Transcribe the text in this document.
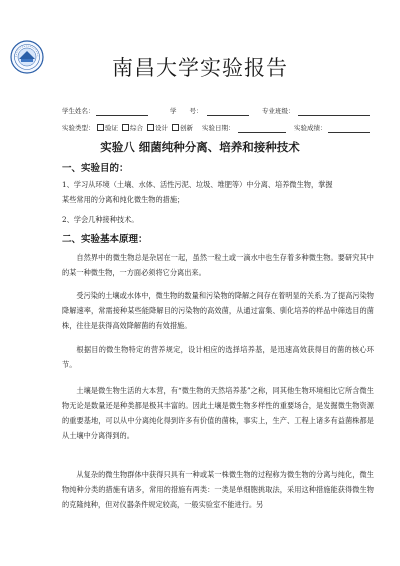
南昌大学实验报告
学生姓名：	学　　号：	专业班级：
实验类型：	验证	综合	设计	创新 实验日期：	实验成绩：
实验八 细菌纯种分离、培养和接种技术
一、实验目的：
1、学习从环境（土壤、水体、活性污泥、垃圾、堆肥等）中分离、培养微生物，掌握
某些常用的分离和纯化微生物的措施；
2、学会几种接种技术。
二、实验基本原理：
自然界中的微生物总是杂居在一起，虽然一粒土或一滴水中也生存着多种微生物。要研究其中的某一种微生物，一方面必须将它分离出来。
受污染的土壤或水体中，微生物的数量和污染物的降解之间存在着明显的关系.为了提高污染物降解速率，常需接种某些能降解目的污染物的高效菌，从通过富集、驯化培养的样品中筛选目的菌株，往往是获得高效降解菌的有效措施。
根据目的微生物特定的营养规定，设计相应的选择培养基，是迅速高效获得目的菌的核心环节。
土壤是微生物生活的大本营，有“微生物的天然培养基”之称，同其他生物环境相比它所含微生物无论是数量还是种类都是极其丰富的。因此土壤是微生物多样性的重要场合，是发掘微生物资源的重要基地，可以从中分离纯化得到许多有价值的菌株，事实上，生产、工程上诸多有益菌株都是从土壤中分离得到的。
从复杂的微生物群体中获得只具有一种或某一株微生物的过程称为微生物的分离与纯化，微生物纯种分类的措施有诸多，常用的措施有两类：一类是单细胞挑取法，采用这种措施能获得微生物的克隆纯种，但对仪器条件规定较高，一般实验室不能进行。另
